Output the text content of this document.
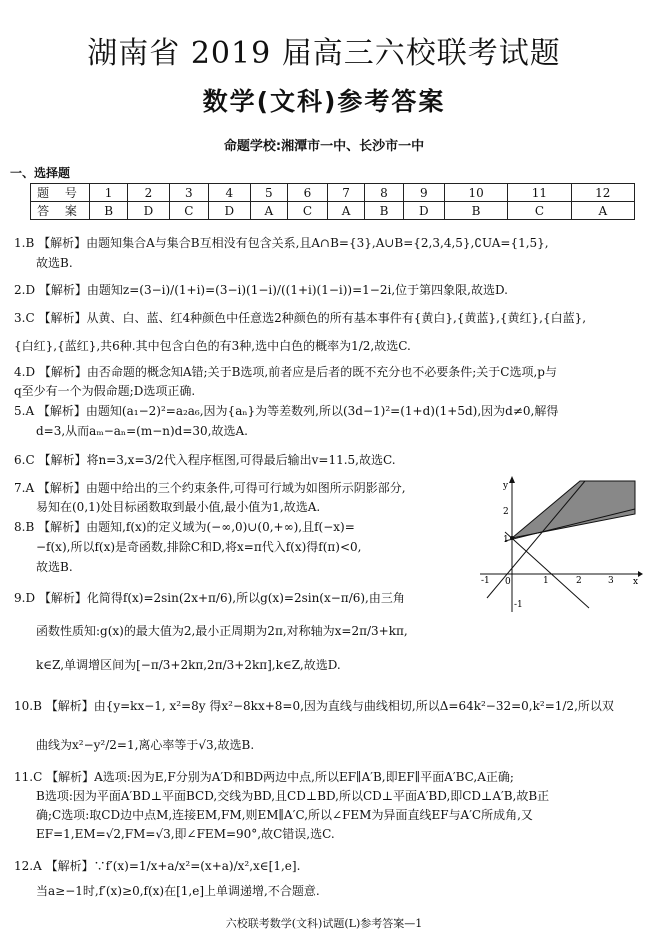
湖南省 2019 届高三六校联考试题
数学(文科)参考答案
命题学校:湘潭市一中、长沙市一中
一、选择题
题 号	1	2	3	4	5	6	7	8	9	10	11	12
答 案	B	D	C	D	A	C	A	B	D	B	C	A
1.B 【解析】由题知集合A与集合B互相没有包含关系,且A∩B={3},A∪B={2,3,4,5},∁UA={1,5},
故选B.
2.D 【解析】由题知z=(3−i)/(1+i)=(3−i)(1−i)/((1+i)(1−i))=1−2i,位于第四象限,故选D.
3.C 【解析】从黄、白、蓝、红4种颜色中任意选2种颜色的所有基本事件有{黄白},{黄蓝},{黄红},{白蓝},
{白红},{蓝红},共6种.其中包含白色的有3种,选中白色的概率为1/2,故选C.
4.D 【解析】由否命题的概念知A错;关于B选项,前者应是后者的既不充分也不必要条件;关于C选项,p与
q至少有一个为假命题;D选项正确.
5.A 【解析】由题知(a₁−2)²=a₂a₆,因为{aₙ}为等差数列,所以(3d−1)²=(1+d)(1+5d),因为d≠0,解得
d=3,从而aₘ−aₙ=(m−n)d=30,故选A.
6.C 【解析】将n=3,x=3/2代入程序框图,可得最后输出v=11.5,故选C.
7.A 【解析】由题中给出的三个约束条件,可得可行域为如图所示阴影部分,
易知在(0,1)处目标函数取到最小值,最小值为1,故选A.
8.B 【解析】由题知,f(x)的定义域为(−∞,0)∪(0,+∞),且f(−x)=
−f(x),所以f(x)是奇函数,排除C和D,将x=π代入f(x)得f(π)<0,
故选B.
9.D 【解析】化简得f(x)=2sin(2x+π/6),所以g(x)=2sin(x−π/6),由三角
函数性质知:g(x)的最大值为2,最小正周期为2π,对称轴为x=2π/3+kπ,
k∈Z,单调增区间为[−π/3+2kπ,2π/3+2kπ],k∈Z,故选D.
10.B 【解析】由{y=kx−1, x²=8y 得x²−8kx+8=0,因为直线与曲线相切,所以Δ=64k²−32=0,k²=1/2,所以双
曲线为x²−y²/2=1,离心率等于√3,故选B.
11.C 【解析】A选项:因为E,F分别为A′D和BD两边中点,所以EF∥A′B,即EF∥平面A′BC,A正确;
B选项:因为平面A′BD⊥平面BCD,交线为BD,且CD⊥BD,所以CD⊥平面A′BD,即CD⊥A′B,故B正
确;C选项:取CD边中点M,连接EM,FM,则EM∥A′C,所以∠FEM为异面直线EF与A′C所成角,又
EF=1,EM=√2,FM=√3,即∠FEM=90°,故C错误,选C.
12.A 【解析】∵f′(x)=1/x+a/x²=(x+a)/x²,x∈[1,e].
当a≥−1时,f′(x)≥0,f(x)在[1,e]上单调递增,不合题意.
y
x
2
1
-1 0	1	2	3
-1
六校联考数学(文科)试题(L)参考答案—1
